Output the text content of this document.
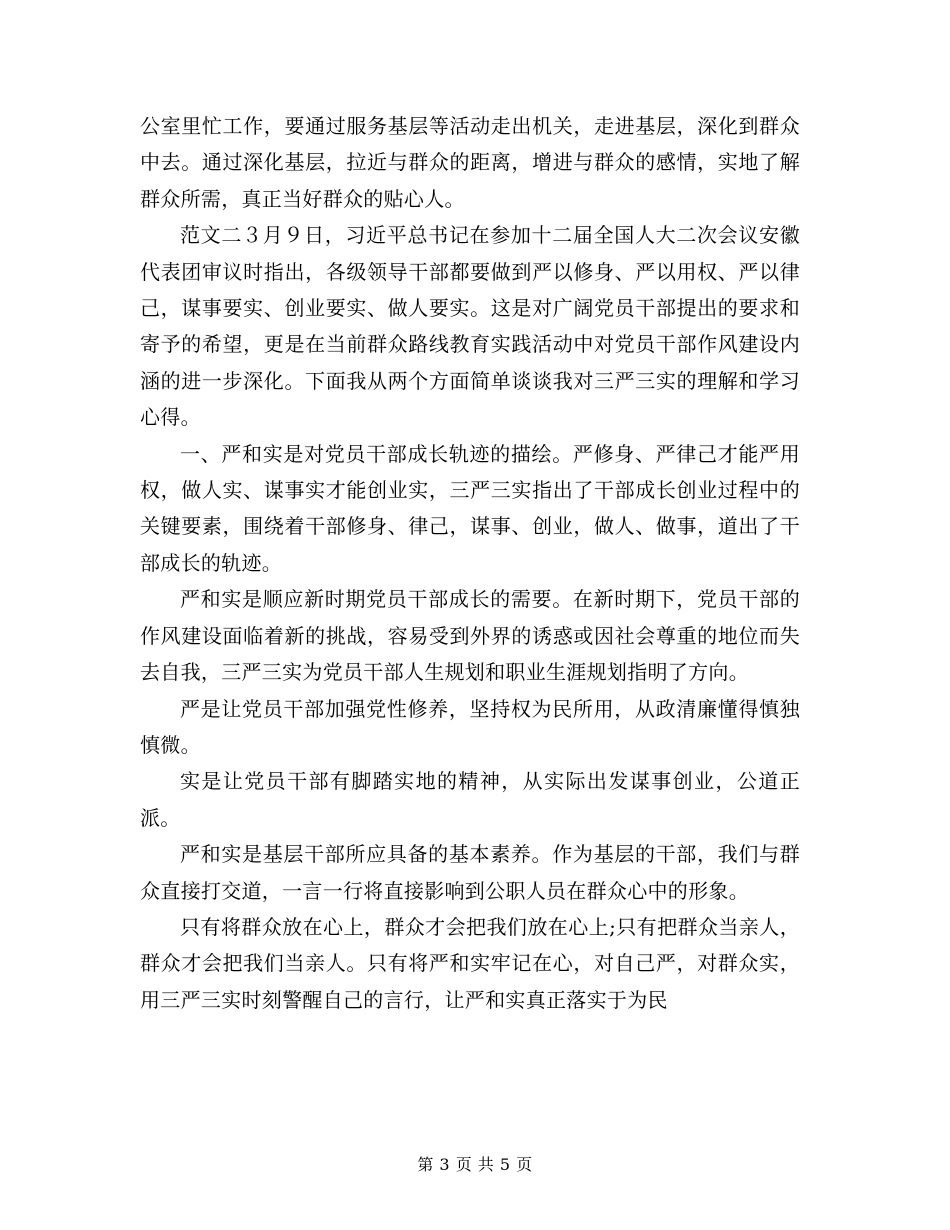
公室里忙工作，要通过服务基层等活动走出机关，走进基层，深化到群众中去。通过深化基层，拉近与群众的距离，增进与群众的感情，实地了解群众所需，真正当好群众的贴心人。

范文二３月９日，习近平总书记在参加十二届全国人大二次会议安徽代表团审议时指出，各级领导干部都要做到严以修身、严以用权、严以律己，谋事要实、创业要实、做人要实。这是对广阔党员干部提出的要求和寄予的希望，更是在当前群众路线教育实践活动中对党员干部作风建设内涵的进一步深化。下面我从两个方面简单谈谈我对三严三实的理解和学习心得。

一、严和实是对党员干部成长轨迹的描绘。严修身、严律己才能严用权，做人实、谋事实才能创业实，三严三实指出了干部成长创业过程中的关键要素，围绕着干部修身、律己，谋事、创业，做人、做事，道出了干部成长的轨迹。

严和实是顺应新时期党员干部成长的需要。在新时期下，党员干部的作风建设面临着新的挑战，容易受到外界的诱惑或因社会尊重的地位而失去自我，三严三实为党员干部人生规划和职业生涯规划指明了方向。

严是让党员干部加强党性修养，坚持权为民所用，从政清廉懂得慎独慎微。

实是让党员干部有脚踏实地的精神，从实际出发谋事创业，公道正派。

严和实是基层干部所应具备的基本素养。作为基层的干部，我们与群众直接打交道，一言一行将直接影响到公职人员在群众心中的形象。

只有将群众放在心上，群众才会把我们放在心上;只有把群众当亲人，群众才会把我们当亲人。只有将严和实牢记在心，对自己严，对群众实，用三严三实时刻警醒自己的言行，让严和实真正落实于为民

第 3 页 共 5 页
